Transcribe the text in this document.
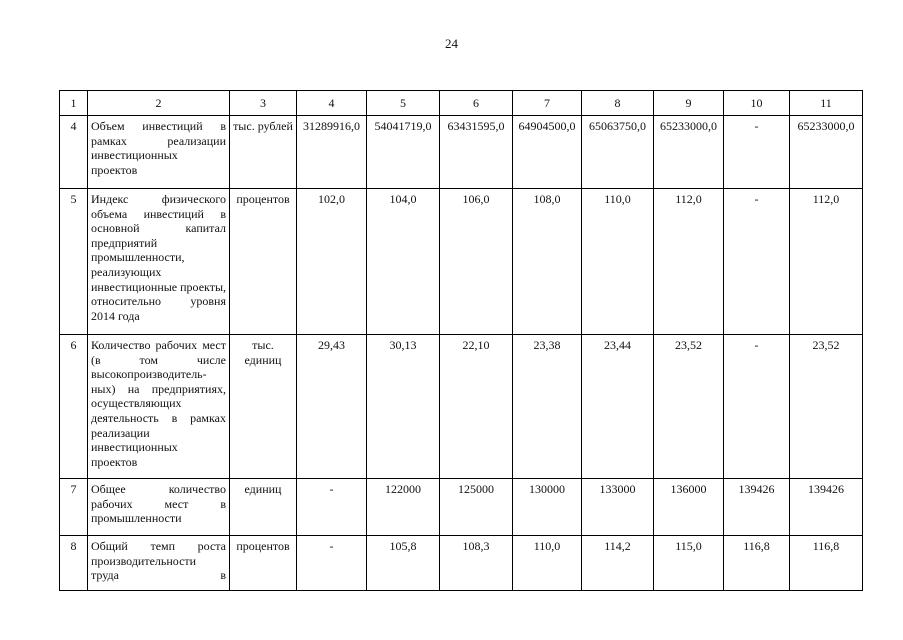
24
1	2	3	4	5	6	7	8	9	10	11
4	Объем инвестиций в рамках реализации инвестиционных проектов	тыс. рублей	31289916,0	54041719,0	63431595,0	64904500,0	65063750,0	65233000,0	-	65233000,0
5	Индекс физического объема инвестиций в основной капитал предприятий промышленности, реализующих инвестиционные проекты, относительно уровня 2014 года	процентов	102,0	104,0	106,0	108,0	110,0	112,0	-	112,0
6	Количество рабочих мест (в том числе высокопроизводитель-ных) на предприятиях, осуществляющих деятельность в рамках реализации инвестиционных проектов	тыс. единиц	29,43	30,13	22,10	23,38	23,44	23,52	-	23,52
7	Общее количество рабочих мест в промышленности	единиц	-	122000	125000	130000	133000	136000	139426	139426
8	Общий темп роста производительности труда в	процентов	-	105,8	108,3	110,0	114,2	115,0	116,8	116,8
